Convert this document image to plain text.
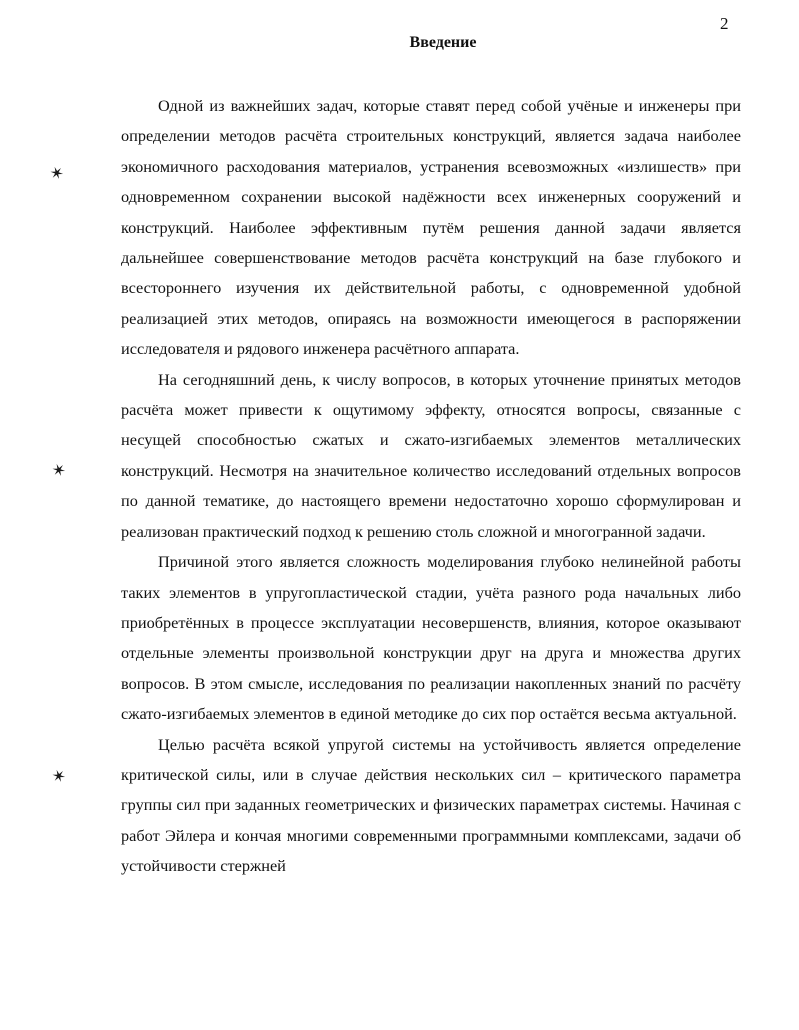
2
Введение
✶
✶
✶

Одной из важнейших задач, которые ставят перед собой учёные и инженеры при определении методов расчёта строительных конструкций, является задача наиболее экономичного расходования материалов, устранения всевозможных «излишеств» при одновременном сохранении высокой надёжности всех инженерных сооружений и конструкций. Наиболее эффективным путём решения данной задачи является дальнейшее совершенствование методов расчёта конструкций на базе глубокого и всестороннего изучения их действительной работы, с одновременной удобной реализацией этих методов, опираясь на возможности имеющегося в распоряжении исследователя и рядового инженера расчётного аппарата.

На сегодняшний день, к числу вопросов, в которых уточнение принятых методов расчёта может привести к ощутимому эффекту, относятся вопросы, связанные с несущей способностью сжатых и сжато-изгибаемых элементов металлических конструкций. Несмотря на значительное количество исследований отдельных вопросов по данной тематике, до настоящего времени недостаточно хорошо сформулирован и реализован практический подход к решению столь сложной и многогранной задачи.

Причиной этого является сложность моделирования глубоко нелинейной работы таких элементов в упругопластической стадии, учёта разного рода начальных либо приобретённых в процессе эксплуатации несовершенств, влияния, которое оказывают отдельные элементы произвольной конструкции друг на друга и множества других вопросов. В этом смысле, исследования по реализации накопленных знаний по расчёту сжато-изгибаемых элементов в единой методике до сих пор остаётся весьма актуальной.

Целью расчёта всякой упругой системы на устойчивость является определение критической силы, или в случае действия нескольких сил – критического параметра группы сил при заданных геометрических и физических параметрах системы. Начиная с работ Эйлера и кончая многими современными программными комплексами, задачи об устойчивости стержней
